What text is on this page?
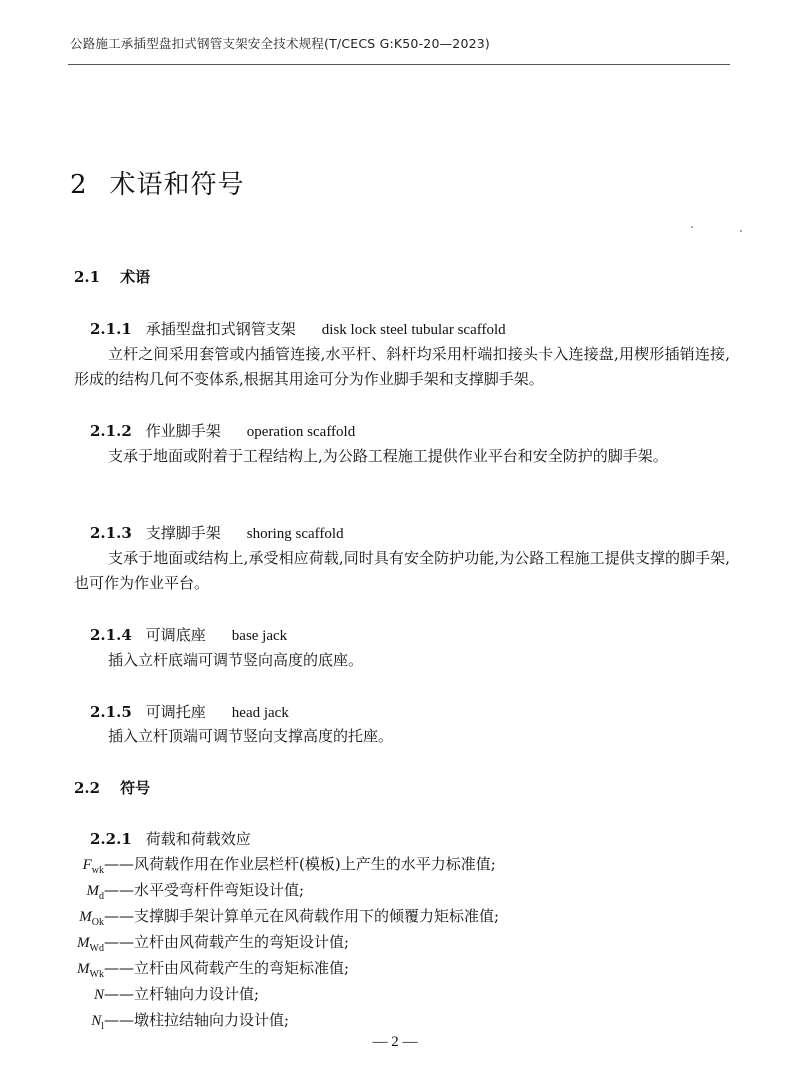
公路施工承插型盘扣式钢管支架安全技术规程(T/CECS G:K50-20—2023)
2 术语和符号
2.1 术语
2.1.1 承插型盘扣式钢管支架 disk lock steel tubular scaffold

立杆之间采用套管或内插管连接,水平杆、斜杆均采用杆端扣接头卡入连接盘,用楔形插销连接,形成的结构几何不变体系,根据其用途可分为作业脚手架和支撑脚手架。

2.1.2 作业脚手架 operation scaffold

支承于地面或附着于工程结构上,为公路工程施工提供作业平台和安全防护的脚手架。

2.1.3 支撑脚手架 shoring scaffold

支承于地面或结构上,承受相应荷载,同时具有安全防护功能,为公路工程施工提供支撑的脚手架,也可作为作业平台。

2.1.4 可调底座 base jack

插入立杆底端可调节竖向高度的底座。

2.1.5 可调托座 head jack

插入立杆顶端可调节竖向支撑高度的托座。

2.2 符号
2.2.1 荷载和荷载效应
$F_{wk}$ ——风荷载作用在作业层栏杆(模板)上产生的水平力标准值;
$M_d$ ——水平受弯杆件弯矩设计值;
$M_{Ok}$ ——支撑脚手架计算单元在风荷载作用下的倾覆力矩标准值;
$M_{Wd}$ ——立杆由风荷载产生的弯矩设计值;
$M_{Wk}$ ——立杆由风荷载产生的弯矩标准值;
N ——立杆轴向力设计值;
$N_l$ ——墩柱拉结轴向力设计值;
— 2 —
